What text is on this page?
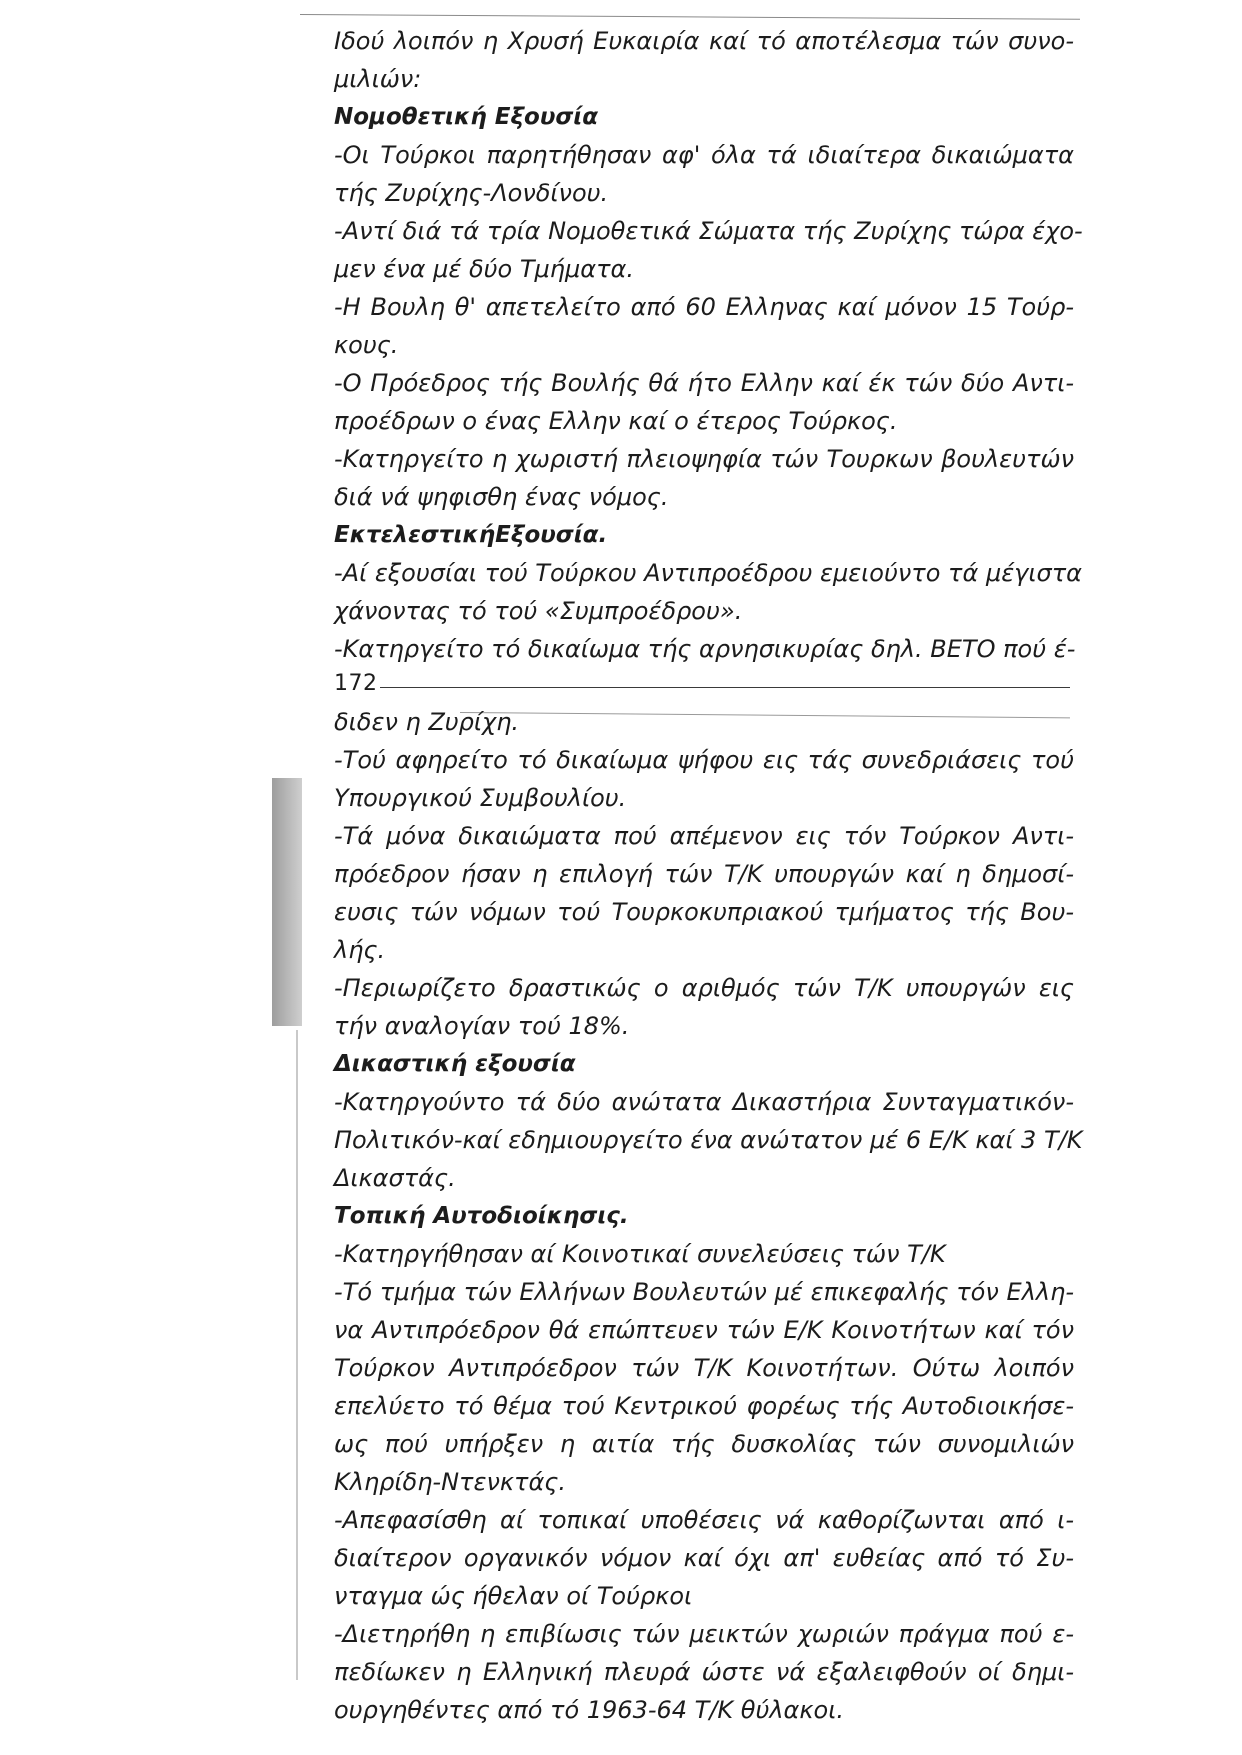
Ιδού λοιπόν η Χρυσή Ευκαιρία καί τό αποτέλεσμα τών συνο-
μιλιών:
Νομοθετική Εξουσία
-Οι Τούρκοι παρητήθησαν αφ' όλα τά ιδιαίτερα δικαιώματα
τής Ζυρίχης-Λονδίνου.
-Αντί διά τά τρία Νομοθετικά Σώματα τής Ζυρίχης τώρα έχο-
μεν ένα μέ δύο Τμήματα.
-Η Βουλη θ' απετελείτο από 60 Ελληνας καί μόνον 15 Τούρ-
κους.
-Ο Πρόεδρος τής Βουλής θά ήτο Ελλην καί έκ τών δύο Αντι-
προέδρων ο ένας Ελλην καί ο έτερος Τούρκος.
-Κατηργείτο η χωριστή πλειοψηφία τών Τουρκων βουλευτών
διά νά ψηφισθη ένας νόμος.
ΕκτελεστικήΕξουσία.
-Αί εξουσίαι τού Τούρκου Αντιπροέδρου εμειούντο τά μέγιστα
χάνοντας τό τού «Συμπροέδρου».
-Κατηργείτο τό δικαίωμα τής αρνησικυρίας δηλ. ΒΕΤΟ πού έ-
172
διδεν η Ζυρίχη.
-Τού αφηρείτο τό δικαίωμα ψήφου εις τάς συνεδριάσεις τού
Υπουργικού Συμβουλίου.
-Τά μόνα δικαιώματα πού απέμενον εις τόν Τούρκον Αντι-
πρόεδρον ήσαν η επιλογή τών Τ/Κ υπουργών καί η δημοσί-
ευσις τών νόμων τού Τουρκοκυπριακού τμήματος τής Βου-
λής.
-Περιωρίζετο δραστικώς ο αριθμός τών Τ/Κ υπουργών εις
τήν αναλογίαν τού 18%.
Δικαστική εξουσία
-Κατηργούντο τά δύο ανώτατα Δικαστήρια Συνταγματικόν-
Πολιτικόν-καί εδημιουργείτο ένα ανώτατον μέ 6 Ε/Κ καί 3 Τ/Κ
Δικαστάς.
Τοπική Αυτοδιοίκησις.
-Κατηργήθησαν αί Κοινοτικαί συνελεύσεις τών Τ/Κ
-Τό τμήμα τών Ελλήνων Βουλευτών μέ επικεφαλής τόν Ελλη-
να Αντιπρόεδρον θά επώπτευεν τών Ε/Κ Κοινοτήτων καί τόν
Τούρκον Αντιπρόεδρον τών Τ/Κ Κοινοτήτων. Ούτω λοιπόν
επελύετο τό θέμα τού Κεντρικού φορέως τής Αυτοδιοικήσε-
ως πού υπήρξεν η αιτία τής δυσκολίας τών συνομιλιών
Κληρίδη-Ντενκτάς.
-Απεφασίσθη αί τοπικαί υποθέσεις νά καθορίζωνται από ι-
διαίτερον οργανικόν νόμον καί όχι απ' ευθείας από τό Συ-
νταγμα ώς ήθελαν οί Τούρκοι
-Διετηρήθη η επιβίωσις τών μεικτών χωριών πράγμα πού ε-
πεδίωκεν η Ελληνική πλευρά ώστε νά εξαλειφθούν οί δημι-
ουργηθέντες από τό 1963-64 Τ/Κ θύλακοι.
